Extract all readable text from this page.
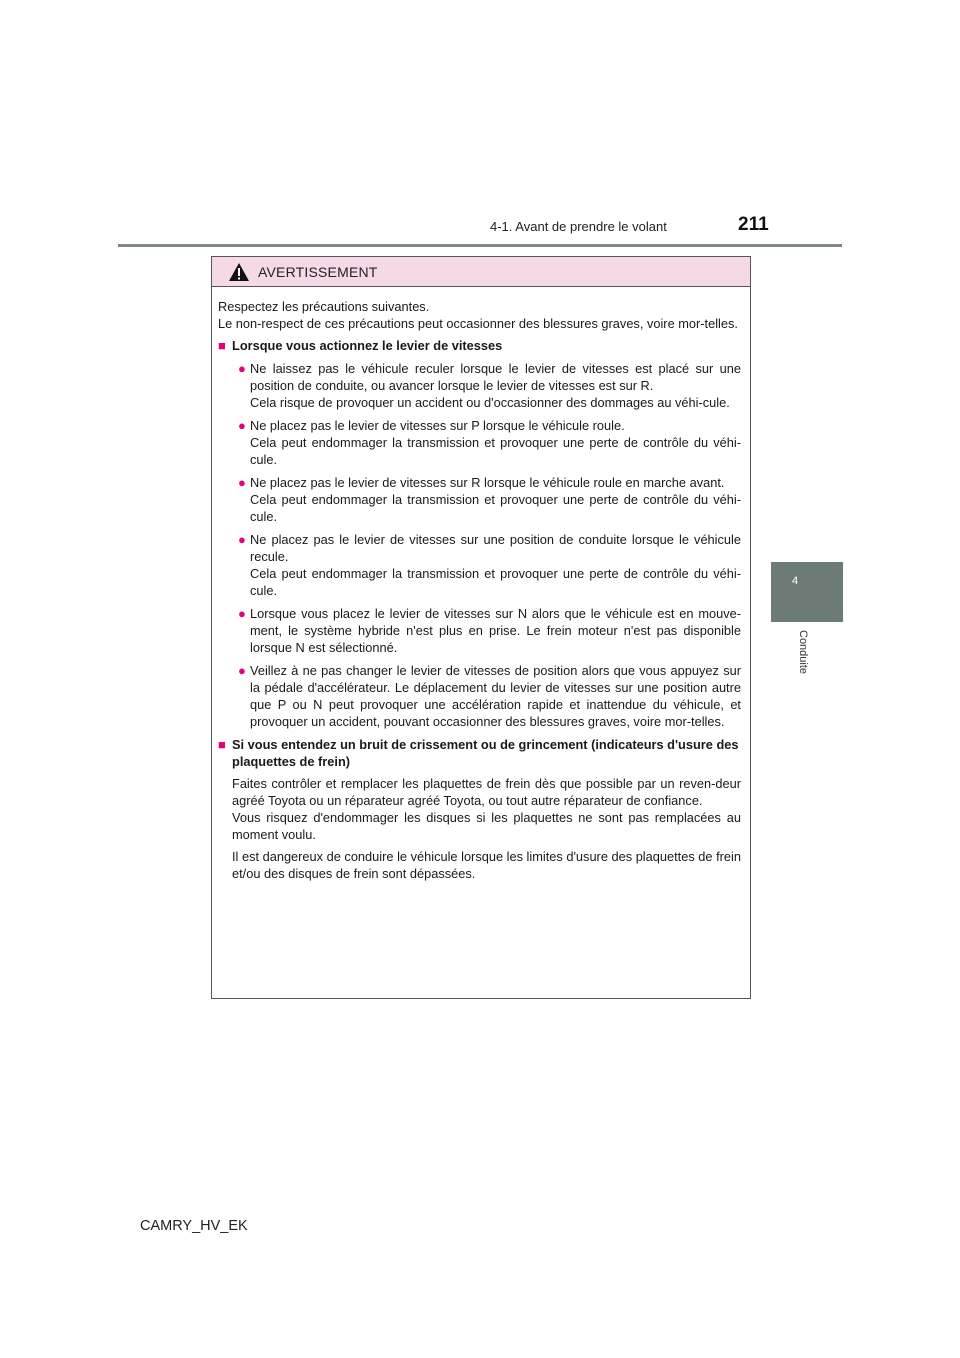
4-1. Avant de prendre le volant	211
4
Conduite
AVERTISSEMENT
Respectez les précautions suivantes.
Le non-respect de ces précautions peut occasionner des blessures graves, voire mor-telles.
■ Lorsque vous actionnez le levier de vitesses
● Ne laissez pas le véhicule reculer lorsque le levier de vitesses est placé sur une position de conduite, ou avancer lorsque le levier de vitesses est sur R.
Cela risque de provoquer un accident ou d'occasionner des dommages au véhi-cule.
● Ne placez pas le levier de vitesses sur P lorsque le véhicule roule.
Cela peut endommager la transmission et provoquer une perte de contrôle du véhi-cule.
● Ne placez pas le levier de vitesses sur R lorsque le véhicule roule en marche avant.
Cela peut endommager la transmission et provoquer une perte de contrôle du véhi-cule.
● Ne placez pas le levier de vitesses sur une position de conduite lorsque le véhicule recule.
Cela peut endommager la transmission et provoquer une perte de contrôle du véhi-cule.
● Lorsque vous placez le levier de vitesses sur N alors que le véhicule est en mouve-ment, le système hybride n'est plus en prise. Le frein moteur n'est pas disponible lorsque N est sélectionné.
● Veillez à ne pas changer le levier de vitesses de position alors que vous appuyez sur la pédale d'accélérateur. Le déplacement du levier de vitesses sur une position autre que P ou N peut provoquer une accélération rapide et inattendue du véhicule, et provoquer un accident, pouvant occasionner des blessures graves, voire mor-telles.
■ Si vous entendez un bruit de crissement ou de grincement (indicateurs d'usure des plaquettes de frein)
Faites contrôler et remplacer les plaquettes de frein dès que possible par un reven-deur agréé Toyota ou un réparateur agréé Toyota, ou tout autre réparateur de confiance.
Vous risquez d'endommager les disques si les plaquettes ne sont pas remplacées au moment voulu.
Il est dangereux de conduire le véhicule lorsque les limites d'usure des plaquettes de frein et/ou des disques de frein sont dépassées.
CAMRY_HV_EK
